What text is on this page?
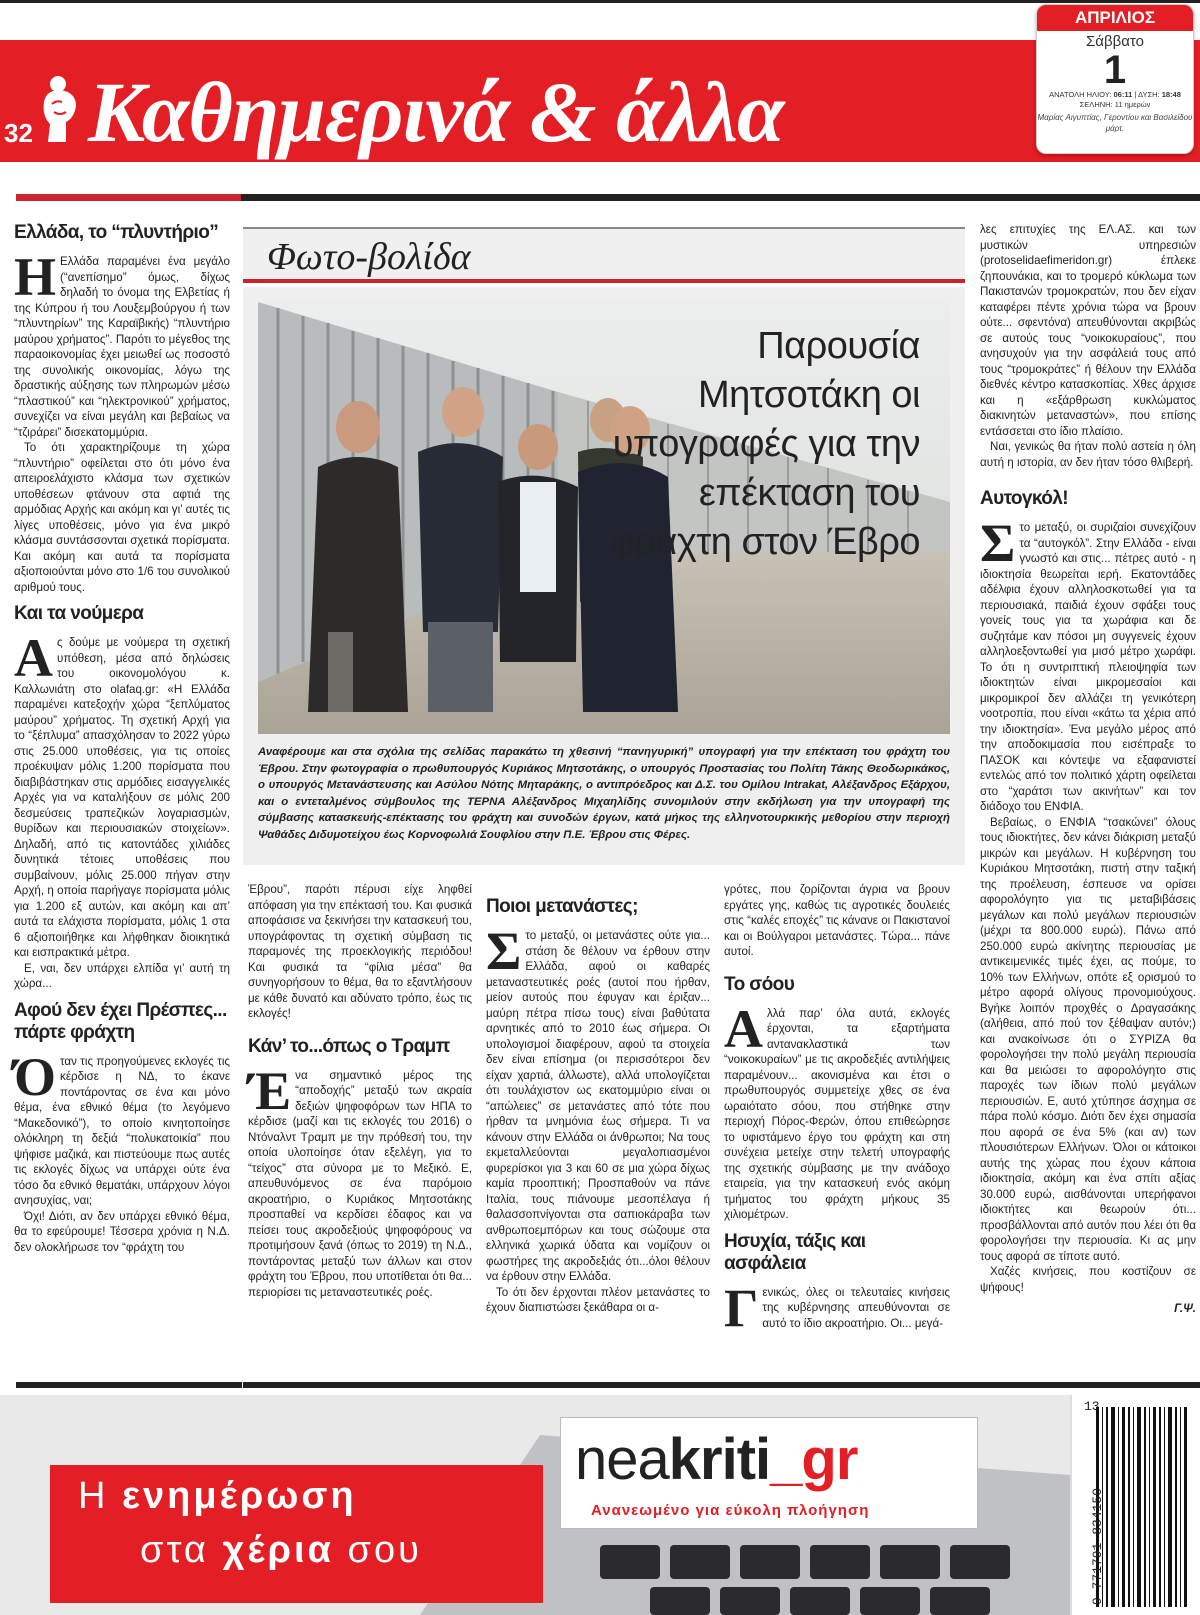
32 Καθημερινά & άλλα
ΑΠΡΙΛΙΟΣ
Σάββατο
1
ΑΝΑΤΟΛΗ ΗΛΙΟΥ: 06:11 | ΔΥΣΗ: 18:48
ΣΕΛΗΝΗ: 11 ημερών
Μαρίας Αιγυπτίας, Γεροντίου και Βασιλείδου μάρτ.
Ελλάδα, το “πλυντήριο”

Η Ελλάδα παραμένει ένα μεγάλο (“ανεπίσημο” όμως, δίχως δηλαδή το όνομα της Ελβετίας ή της Κύπρου ή του Λουξεμβούργου ή των “πλυντηρίων” της Καραϊβικής) “πλυντήριο μαύρου χρήματος”. Παρότι το μέγεθος της παραοικονομίας έχει μειωθεί ως ποσοστό της συνολικής οικονομίας, λόγω της δραστικής αύξησης των πληρωμών μέσω “πλαστικού” και “ηλεκτρονικού” χρήματος, συνεχίζει να είναι μεγάλη και βεβαίως να “τζιράρει” δισεκατομμύρια.

Το ότι χαρακτηρίζουμε τη χώρα “πλυντήριο” οφείλεται στο ότι μόνο ένα απειροελάχιστο κλάσμα των σχετικών υποθέσεων φτάνουν στα αφτιά της αρμόδιας Αρχής και ακόμη και γι’ αυτές τις λίγες υποθέσεις, μόνο για ένα μικρό κλάσμα συντάσσονται σχετικά πορίσματα. Και ακόμη και αυτά τα πορίσματα αξιοποιούνται μόνο στο 1/6 του συνολικού αριθμού τους.

Και τα νούμερα

Ας δούμε με νούμερα τη σχετική υπόθεση, μέσα από δηλώσεις του οικονομολόγου κ. Καλλωνιάτη στο olafaq.gr: «Η Ελλάδα παραμένει κατεξοχήν χώρα “ξεπλύματος μαύρου” χρήματος. Τη σχετική Αρχή για το “ξέπλυμα” απασχόλησαν το 2022 γύρω στις 25.000 υποθέσεις, για τις οποίες προέκυψαν μόλις 1.200 πορίσματα που διαβιβάστηκαν στις αρμόδιες εισαγγελικές Αρχές για να καταλήξουν σε μόλις 200 δεσμεύσεις τραπεζικών λογαριασμών, θυρίδων και περιουσιακών στοιχείων». Δηλαδή, από τις κατοντάδες χιλιάδες δυνητικά τέτοιες υποθέσεις που συμβαίνουν, μόλις 25.000 πήγαν στην Αρχή, η οποία παρήγαγε πορίσματα μόλις για 1.200 εξ αυτών, και ακόμη και απ’ αυτά τα ελάχιστα πορίσματα, μόλις 1 στα 6 αξιοποιήθηκε και λήφθηκαν διοικητικά και εισπρακτικά μέτρα.

Ε, ναι, δεν υπάρχει ελπίδα γι’ αυτή τη χώρα...

Αφού δεν έχει Πρέσπες... πάρτε φράχτη

Όταν τις προηγούμενες εκλογές τις κέρδισε η ΝΔ, το έκανε ποντάροντας σε ένα και μόνο θέμα, ένα εθνικό θέμα (το λεγόμενο “Μακεδονικό”), το οποίο κινητοποίησε ολόκληρη τη δεξιά “πολυκατοικία” που ψήφισε μαζικά, και πιστεύουμε πως αυτές τις εκλογές δίχως να υπάρχει ούτε ένα τόσο δα εθνικό θεματάκι, υπάρχουν λόγοι ανησυχίας, ναι;

Όχι! Διότι, αν δεν υπάρχει εθνικό θέμα, θα το εφεύρουμε! Τέσσερα χρόνια η Ν.Δ. δεν ολοκλήρωσε τον “φράχτη του

Φωτο-βολίδα
Παρουσία Μητσοτάκη οι υπογραφές για την επέκταση του φράχτη στον Έβρο
Αναφέρουμε και στα σχόλια της σελίδας παρακάτω τη χθεσινή “πανηγυρική” υπογραφή για την επέκταση του φράχτη του Έβρου. Στην φωτογραφία ο πρωθυπουργός Κυριάκος Μητσοτάκης, ο υπουργός Προστασίας του Πολίτη Τάκης Θεοδωρικάκος, ο υπουργός Μετανάστευσης και Ασύλου Νότης Μηταράκης, ο αντιπρόεδρος και Δ.Σ. του Ομίλου Intrakat, Αλέξανδρος Εξάρχου, και ο εντεταλμένος σύμβουλος της ΤΕΡΝΑ Αλέξανδρος Μιχαηλίδης συνομιλούν στην εκδήλωση για την υπογραφή της σύμβασης κατασκευής-επέκτασης του φράχτη και συνοδών έργων, κατά μήκος της ελληνοτουρκικής μεθορίου στην περιοχή Ψαθάδες Διδυμοτείχου έως Κορνοφωλιά Σουφλίου στην Π.Ε. Έβρου στις Φέρες.

Έβρου”, παρότι πέρυσι είχε ληφθεί απόφαση για την επέκτασή του. Και φυσικά αποφάσισε να ξεκινήσει την κατασκευή του, υπογράφοντας τη σχετική σύμβαση τις παραμονές της προεκλογικής περιόδου! Και φυσικά τα “φίλια μέσα” θα συνηγορήσουν το θέμα, θα το εξαντλήσουν με κάθε δυνατό και αδύνατο τρόπο, έως τις εκλογές!

Κάν’ το...όπως ο Τραμπ

Ένα σημαντικό μέρος της “αποδοχής” μεταξύ των ακραία δεξιών ψηφοφόρων των ΗΠΑ το κέρδισε (μαζί και τις εκλογές του 2016) ο Ντόναλντ Τραμπ με την πρόθεσή του, την οποία υλοποίησε όταν εξελέγη, για το “τείχος” στα σύνορα με το Μεξικό. Ε, απευθυνόμενος σε ένα παρόμοιο ακροατήριο, ο Κυριάκος Μητσοτάκης προσπαθεί να κερδίσει έδαφος και να πείσει τους ακροδεξιούς ψηφοφόρους να προτιμήσουν ξανά (όπως το 2019) τη Ν.Δ., ποντάροντας μεταξύ των άλλων και στον φράχτη του Έβρου, που υποτίθεται ότι θα... περιορίσει τις μεταναστευτικές ροές.

Ποιοι μετανάστες;

Στο μεταξύ, οι μετανάστες ούτε για... στάση δε θέλουν να έρθουν στην Ελλάδα, αφού οι καθαρές μεταναστευτικές ροές (αυτοί που ήρθαν, μείον αυτούς που έφυγαν και έριξαν... μαύρη πέτρα πίσω τους) είναι βαθύτατα αρνητικές από το 2010 έως σήμερα. Οι υπολογισμοί διαφέρουν, αφού τα στοιχεία δεν είναι επίσημα (οι περισσότεροι δεν είχαν χαρτιά, άλλωστε), αλλά υπολογίζεται ότι τουλάχιστον ως εκατομμύριο είναι οι “απώλειες” σε μετανάστες από τότε που ήρθαν τα μνημόνια έως σήμερα. Τι να κάνουν στην Ελλάδα οι άνθρωποι; Να τους εκμεταλλεύονται μεγαλοπιασμένοι φυρερίσκοι για 3 και 60 σε μια χώρα δίχως καμία προοπτική; Προσπαθούν να πάνε Ιταλία, τους πιάνουμε μεσοπέλαγα ή θαλασσοπνίγονται στα σαπιοκάραβα των ανθρωποεμπόρων και τους σώζουμε στα ελληνικά χωρικά ύδατα και νομίζουν οι φωστήρες της ακροδεξιάς ότι...όλοι θέλουν να έρθουν στην Ελλάδα.

Το ότι δεν έρχονται πλέον μετανάστες το έχουν διαπιστώσει ξεκάθαρα οι α-

γρότες, που ζορίζονται άγρια να βρουν εργάτες γης, καθώς τις αγροτικές δουλειές στις “καλές εποχές” τις κάνανε οι Πακιστανοί και οι Βούλγαροι μετανάστες. Τώρα... πάνε αυτοί.

Το σόου

Αλλά παρ’ όλα αυτά, εκλογές έρχονται, τα εξαρτήματα αντανακλαστικά των “νοικοκυραίων” με τις ακροδεξιές αντιλήψεις παραμένουν... ακονισμένα και έτσι ο πρωθυπουργός συμμετείχε χθες σε ένα ωραιότατο σόου, που στήθηκε στην περιοχή Πόρος-Φερών, όπου επιθεώρησε το υφιστάμενο έργο του φράχτη και στη συνέχεια μετείχε στην τελετή υπογραφής της σχετικής σύμβασης με την ανάδοχο εταιρεία, για την κατασκευή ενός ακόμη τμήματος του φράχτη μήκους 35 χιλιομέτρων.

Ησυχία, τάξις και ασφάλεια

Γενικώς, όλες οι τελευταίες κινήσεις της κυβέρνησης απευθύνονται σε αυτό το ίδιο ακροατήριο. Οι... μεγά-

λες επιτυχίες της ΕΛ.ΑΣ. και των μυστικών υπηρεσιών (protoselidaefimeridon.gr) έπλεκε ζηπουνάκια, και το τρομερό κύκλωμα των Πακιστανών τρομοκρατών, που δεν είχαν καταφέρει πέντε χρόνια τώρα να βρουν ούτε... σφεντόνα) απευθύνονται ακριβώς σε αυτούς τους “νοικοκυραίους”, που ανησυχούν για την ασφάλειά τους από τους “τρομοκράτες” ή θέλουν την Ελλάδα διεθνές κέντρο κατασκοπίας. Χθες άρχισε και η «εξάρθρωση κυκλώματος διακινητών μεταναστών», που επίσης εντάσσεται στο ίδιο πλαίσιο.

Ναι, γενικώς θα ήταν πολύ αστεία η όλη αυτή η ιστορία, αν δεν ήταν τόσο θλιβερή.

Αυτογκόλ!

Στο μεταξύ, οι συριζαίοι συνεχίζουν τα “αυτογκόλ”. Στην Ελλάδα - είναι γνωστό και στις... πέτρες αυτό - η ιδιοκτησία θεωρείται ιερή. Εκατοντάδες αδέλφια έχουν αλληλοσκοτωθεί για τα περιουσιακά, παιδιά έχουν σφάξει τους γονείς τους για τα χωράφια και δε συζητάμε καν πόσοι μη συγγενείς έχουν αλληλοεξοντωθεί για μισό μέτρο χωράφι. Το ότι η συντριπτική πλειοψηφία των ιδιοκτητών είναι μικρομεσαίοι και μικρομικροί δεν αλλάζει τη γενικότερη νοοτροπία, που είναι «κάτω τα χέρια από την ιδιοκτησία». Ένα μεγάλο μέρος από την αποδοκιμασία που εισέπραξε το ΠΑΣΟΚ και κόντεψε να εξαφανιστεί εντελώς από τον πολιτικό χάρτη οφείλεται στο “χαράτσι των ακινήτων” και τον διάδοχο του ΕΝΦΙΑ.

Βεβαίως, ο ΕΝΦΙΑ “τσακώνει” όλους τους ιδιοκτήτες, δεν κάνει διάκριση μεταξύ μικρών και μεγάλων. Η κυβέρνηση του Κυριάκου Μητσοτάκη, πιστή στην ταξική της προέλευση, έσπευσε να ορίσει αφορολόγητο για τις μεταβιβάσεις μεγάλων και πολύ μεγάλων περιουσιών (μέχρι τα 800.000 ευρώ). Πάνω από 250.000 ευρώ ακίνητης περιουσίας με αντικειμενικές τιμές έχει, ας πούμε, το 10% των Ελλήνων, οπότε εξ ορισμού το μέτρο αφορά ολίγους προνομιούχους. Βγήκε λοιπόν προχθές ο Δραγασάκης (αλήθεια, από πού τον ξέθαψαν αυτόν;) και ανακοίνωσε ότι ο ΣΥΡΙΖΑ θα φορολογήσει την πολύ μεγάλη περιουσία και θα μειώσει το αφορολόγητο στις παροχές των ίδιων πολύ μεγάλων περιουσιών. Ε, αυτό χτύπησε άσχημα σε πάρα πολύ κόσμο. Διότι δεν έχει σημασία που αφορά σε ένα 5% (και αν) των πλουσιότερων Ελλήνων. Όλοι οι κάτοικοι αυτής της χώρας που έχουν κάποια ιδιοκτησία, ακόμη και ένα σπίτι αξίας 30.000 ευρώ, αισθάνονται υπερήφανοι ιδιοκτήτες και θεωρούν ότι... προσβάλλονται από αυτόν που λέει ότι θα φορολογήσει την περιουσία. Κι ας μην τους αφορά σε τίποτε αυτό.

Χαζές κινήσεις, που κοστίζουν σε ψήφους!

Γ.Ψ.
Η ενημέρωση
στα χέρια σου
neakriti_gr
Ανανεωμένο για εύκολη πλοήγηση
13
9 771791 834150
